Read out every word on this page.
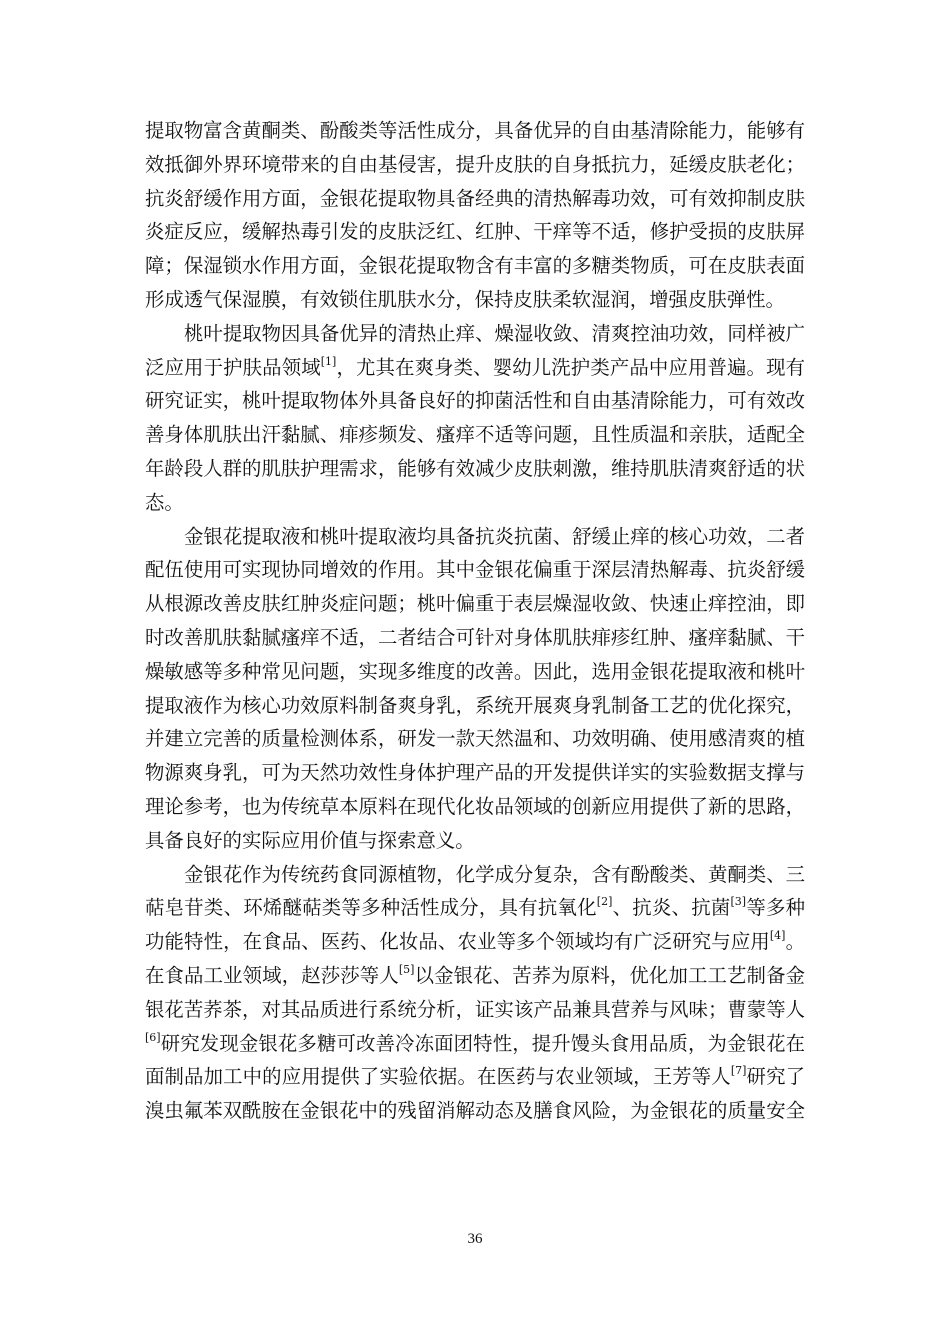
提取物富含黄酮类、酚酸类等活性成分，具备优异的自由基清除能力，能够有
效抵御外界环境带来的自由基侵害，提升皮肤的自身抵抗力，延缓皮肤老化；
抗炎舒缓作用方面，金银花提取物具备经典的清热解毒功效，可有效抑制皮肤
炎症反应，缓解热毒引发的皮肤泛红、红肿、干痒等不适，修护受损的皮肤屏
障；保湿锁水作用方面，金银花提取物含有丰富的多糖类物质，可在皮肤表面
形成透气保湿膜，有效锁住肌肤水分，保持皮肤柔软湿润，增强皮肤弹性。

桃叶提取物因具备优异的清热止痒、燥湿收敛、清爽控油功效，同样被广
泛应用于护肤品领域[1]，尤其在爽身类、婴幼儿洗护类产品中应用普遍。现有
研究证实，桃叶提取物体外具备良好的抑菌活性和自由基清除能力，可有效改
善身体肌肤出汗黏腻、痱疹频发、瘙痒不适等问题，且性质温和亲肤，适配全
年龄段人群的肌肤护理需求，能够有效减少皮肤刺激，维持肌肤清爽舒适的状
态。

金银花提取液和桃叶提取液均具备抗炎抗菌、舒缓止痒的核心功效，二者
配伍使用可实现协同增效的作用。其中金银花偏重于深层清热解毒、抗炎舒缓
从根源改善皮肤红肿炎症问题；桃叶偏重于表层燥湿收敛、快速止痒控油，即
时改善肌肤黏腻瘙痒不适，二者结合可针对身体肌肤痱疹红肿、瘙痒黏腻、干
燥敏感等多种常见问题，实现多维度的改善。因此，选用金银花提取液和桃叶
提取液作为核心功效原料制备爽身乳，系统开展爽身乳制备工艺的优化探究，
并建立完善的质量检测体系，研发一款天然温和、功效明确、使用感清爽的植
物源爽身乳，可为天然功效性身体护理产品的开发提供详实的实验数据支撑与
理论参考，也为传统草本原料在现代化妆品领域的创新应用提供了新的思路，
具备良好的实际应用价值与探索意义。

金银花作为传统药食同源植物，化学成分复杂，含有酚酸类、黄酮类、三
萜皂苷类、环烯醚萜类等多种活性成分，具有抗氧化[2]、抗炎、抗菌[3]等多种
功能特性，在食品、医药、化妆品、农业等多个领域均有广泛研究与应用[4]。
在食品工业领域，赵莎莎等人[5]以金银花、苦荞为原料，优化加工工艺制备金
银花苦荞茶，对其品质进行系统分析，证实该产品兼具营养与风味；曹蒙等人
[6]研究发现金银花多糖可改善冷冻面团特性，提升馒头食用品质，为金银花在
面制品加工中的应用提供了实验依据。在医药与农业领域，王芳等人[7]研究了
溴虫氟苯双酰胺在金银花中的残留消解动态及膳食风险，为金银花的质量安全

36
